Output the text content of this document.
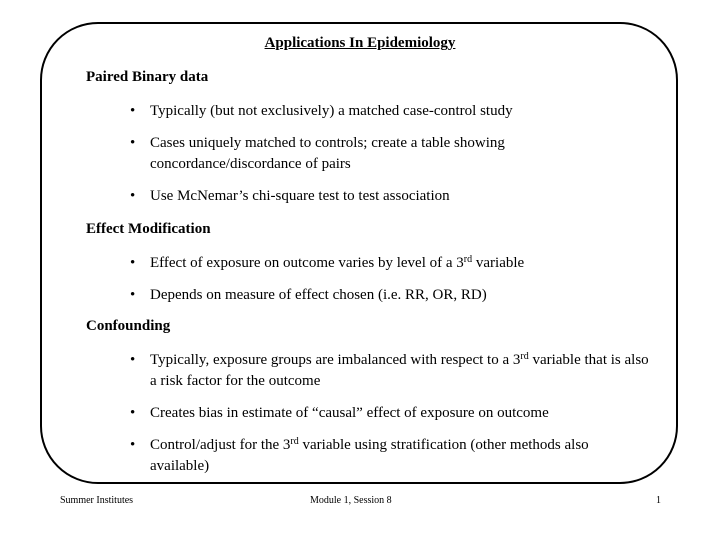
Applications In Epidemiology
Paired Binary data
• Typically (but not exclusively) a matched case-control study
• Cases uniquely matched to controls; create a table showing concordance/discordance of pairs
• Use McNemar’s chi-square test to test association
Effect Modification
• Effect of exposure on outcome varies by level of a 3rd variable
• Depends on measure of effect chosen (i.e. RR, OR, RD)
Confounding
• Typically, exposure groups are imbalanced with respect to a 3rd variable that is also a risk factor for the outcome
• Creates bias in estimate of “causal” effect of exposure on outcome
• Control/adjust for the 3rd variable using stratification (other methods also available)
Summer Institutes	Module 1, Session 8	1
